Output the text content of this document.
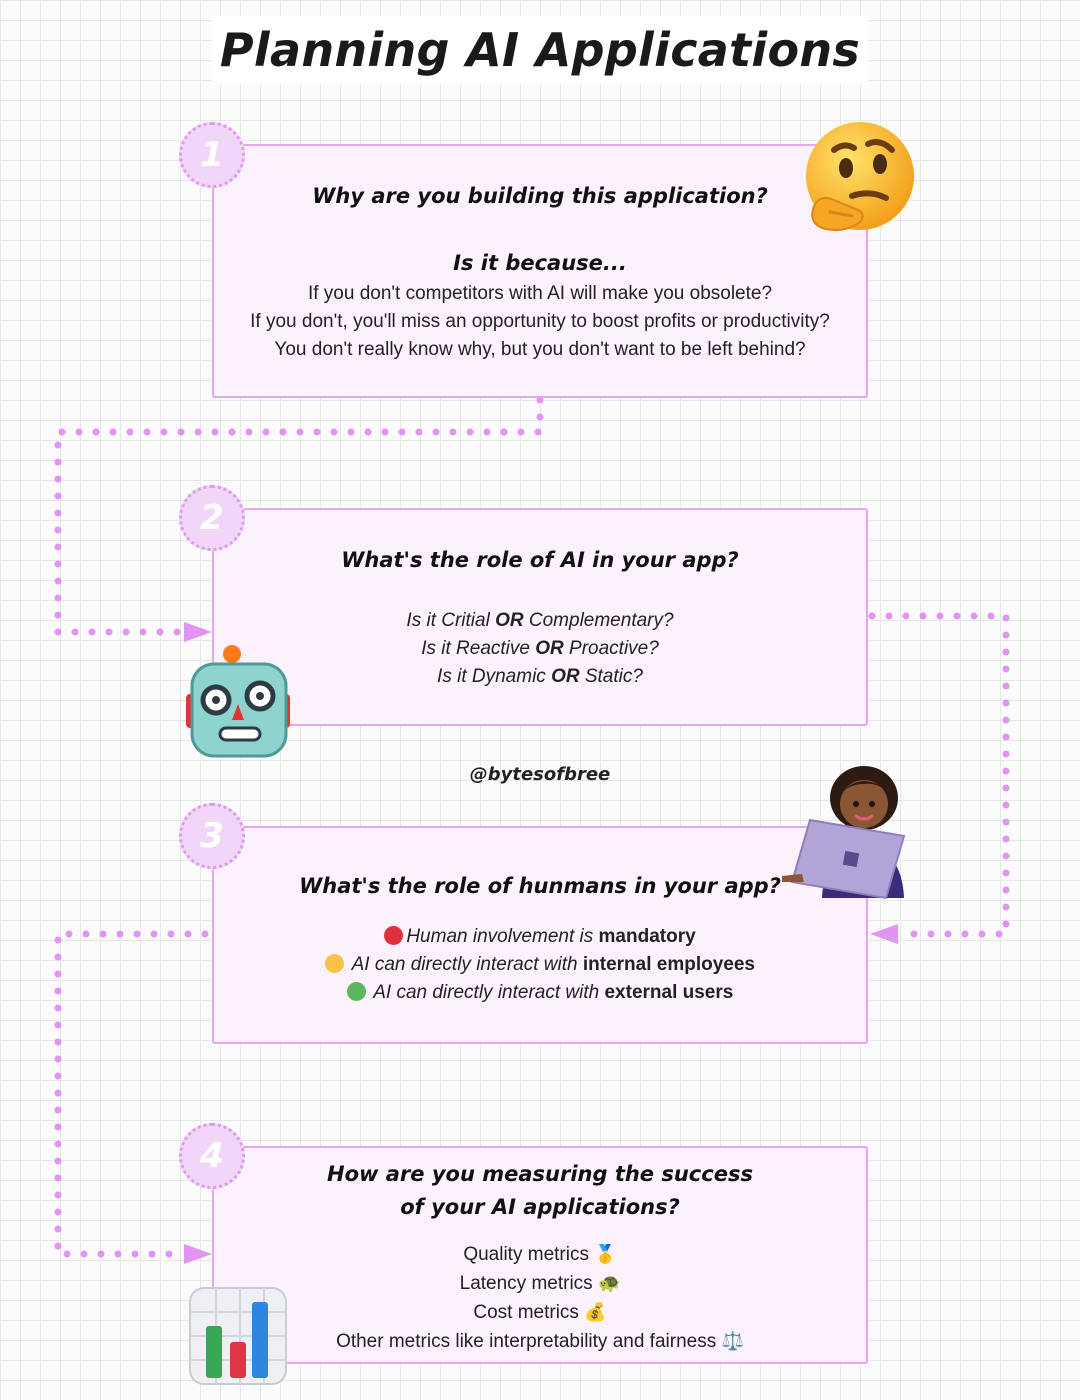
Planning AI Applications
Why are you building this application?
Is it because...
If you don't competitors with AI will make you obsolete?
If you don't, you'll miss an opportunity to boost profits or productivity?
You don't really know why, but you don't want to be left behind?
1
What's the role of AI in your app?
Is it Critial OR Complementary?
Is it Reactive OR Proactive?
Is it Dynamic OR Static?
2
@bytesofbree
What's the role of hunmans in your app?
Human involvement is mandatory
AI can directly interact with internal employees
AI can directly interact with external users
3
How are you measuring the success
of your AI applications?
Quality metrics 🥇
Latency metrics 🐢
Cost metrics 💰
Other metrics like interpretability and fairness ⚖️
4
